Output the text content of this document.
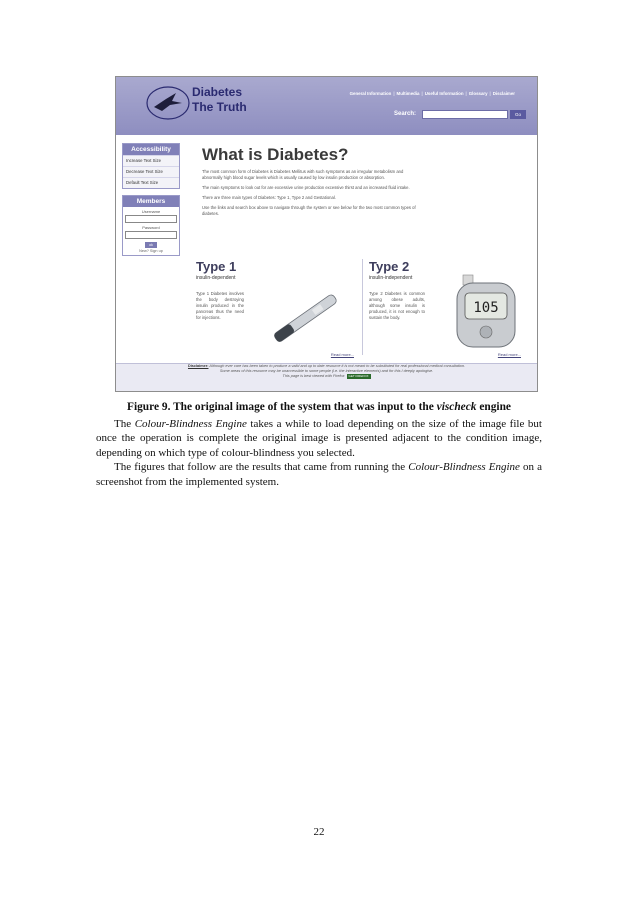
Diabetes
The Truth
General Information | Multimedia | Useful Information | Glossary | Disclaimer
Search:	Go
Accessibility
Increase Text Size
Decrease Text Size
Default Text Size
Members
Username
Password
ok
New? Sign up
What is Diabetes?

The most common form of Diabetes is Diabetes Mellitus with such symptoms as an irregular metabolism and abnormally high blood sugar levels which is usually caused by low insulin production or absorption.

The main symptoms to look out for are excessive urine production excessive thirst and an increased fluid intake.

There are three main types of Diabetes: Type 1, Type 2 and Gestational.

Use the links and search box above to navigate through the system or see below for the two most common types of diabetes.

Type 1
insulin-dependent
Type 1 Diabetes involves the body destroying insulin produced in the pancreas thus the need for injections.
Read more...
Type 2
insulin-independent
Type 2 Diabetes is common among obese adults, although some insulin is produced, it is not enough to sustain the body.
105
Read more...
Disclaimer: Although ever care has been taken to produce a valid and up to date resource it is not meant to be substituted for real professional medical consultation.
Some areas of this resource may be unaccessible to some people (i.e. the interactive elements) and for this I deeply apologise.
This page is best viewed with Firefox GET FIREFOX
Figure 9. The original image of the system that was input to the vischeck engine

The Colour-Blindness Engine takes a while to load depending on the size of the image file but once the operation is complete the original image is presented adjacent to the condition image, depending on which type of colour-blindness you selected.

The figures that follow are the results that came from running the Colour-Blindness Engine on a screenshot from the implemented system.

22
